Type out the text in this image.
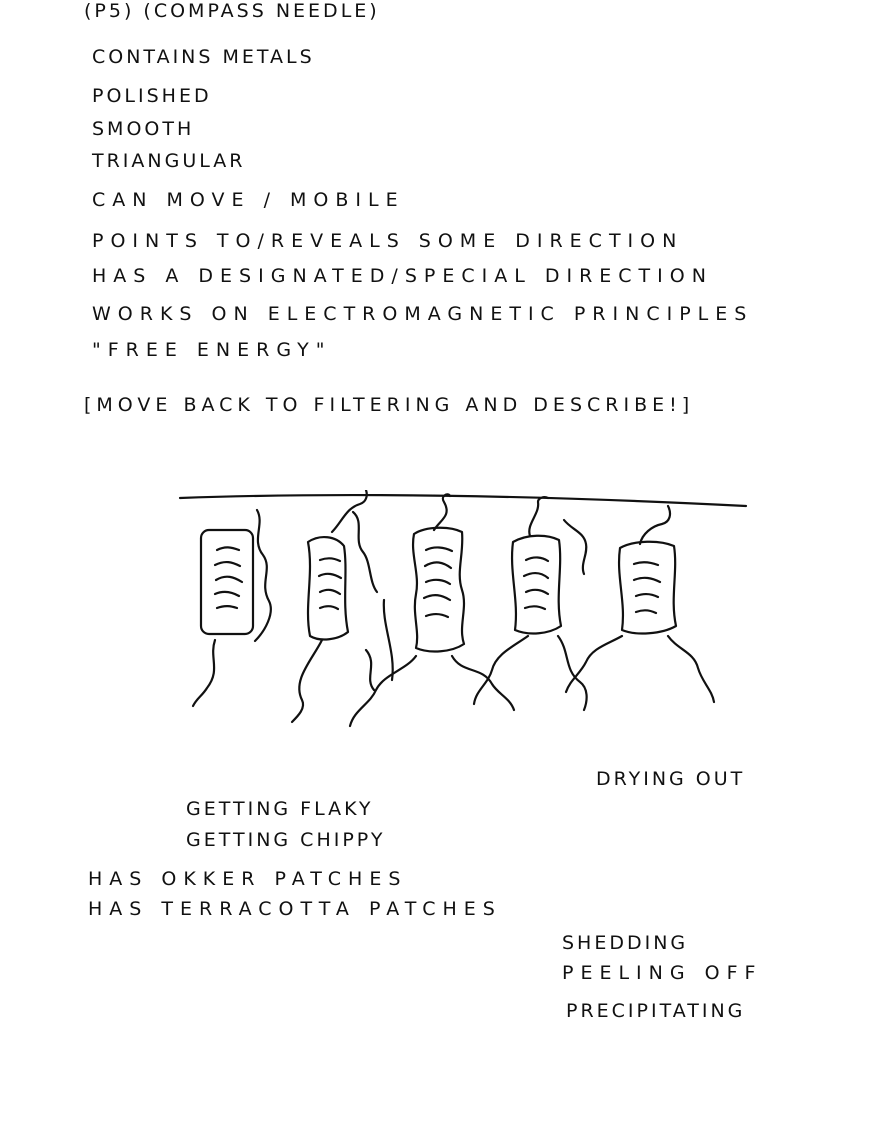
(P5) (COMPASS NEEDLE)

CONTAINS METALS

POLISHED

SMOOTH

TRIANGULAR

CAN MOVE / MOBILE

POINTS TO/REVEALS SOME DIRECTION

HAS A DESIGNATED/SPECIAL DIRECTION

WORKS ON ELECTROMAGNETIC PRINCIPLES

"FREE ENERGY"

[MOVE BACK TO FILTERING AND DESCRIBE!]

DRYING OUT

GETTING FLAKY

GETTING CHIPPY

HAS OKKER PATCHES

HAS TERRACOTTA PATCHES

SHEDDING

PEELING OFF

PRECIPITATING
